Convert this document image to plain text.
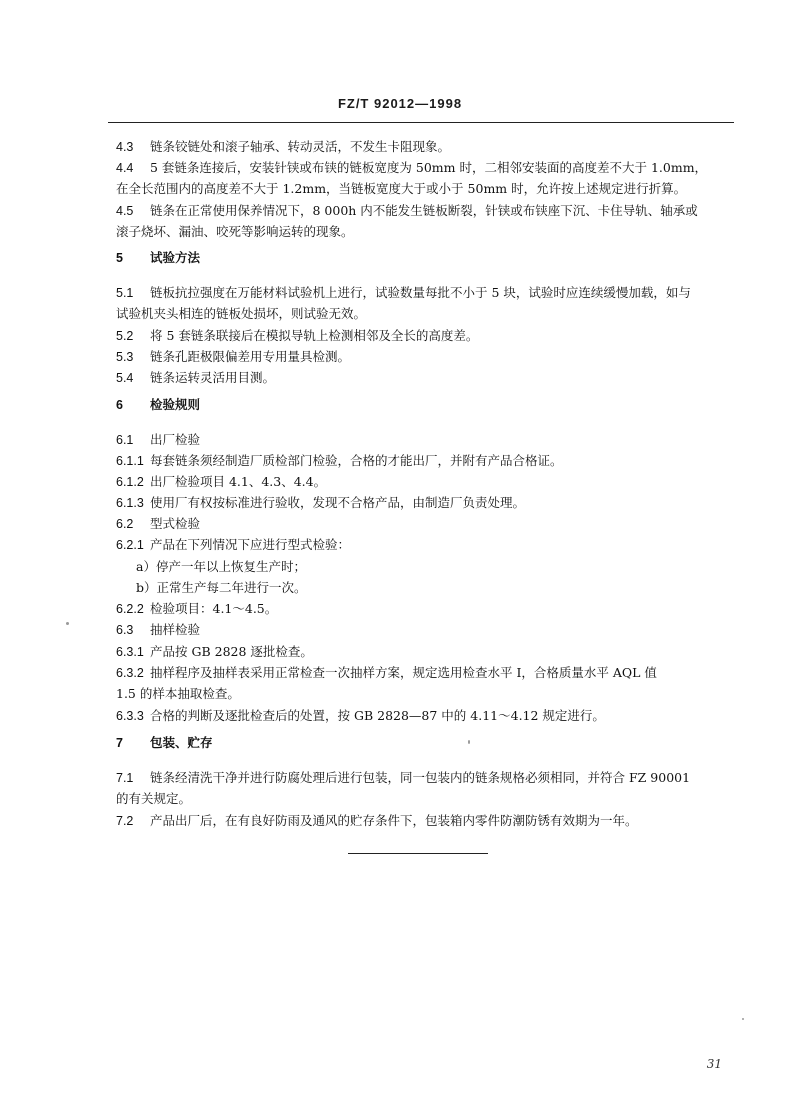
FZ/T 92012—1998
4.3 链条铰链处和滚子轴承、转动灵活，不发生卡阻现象。
4.4 5 套链条连接后，安装针铗或布铗的链板宽度为 50mm 时，二相邻安装面的高度差不大于 1.0mm，
在全长范围内的高度差不大于 1.2mm，当链板宽度大于或小于 50mm 时，允许按上述规定进行折算。
4.5 链条在正常使用保养情况下，8 000h 内不能发生链板断裂，针铗或布铗座下沉、卡住导轨、轴承或
滚子烧坏、漏油、咬死等影响运转的现象。
5 试验方法
5.1 链板抗拉强度在万能材料试验机上进行，试验数量每批不小于 5 块，试验时应连续缓慢加载，如与
试验机夹头相连的链板处损坏，则试验无效。
5.2 将 5 套链条联接后在模拟导轨上检测相邻及全长的高度差。
5.3 链条孔距极限偏差用专用量具检测。
5.4 链条运转灵活用目测。
6 检验规则
6.1 出厂检验
6.1.1 每套链条须经制造厂质检部门检验，合格的才能出厂，并附有产品合格证。
6.1.2 出厂检验项目 4.1、4.3、4.4。
6.1.3 使用厂有权按标准进行验收，发现不合格产品，由制造厂负责处理。
6.2 型式检验
6.2.1 产品在下列情况下应进行型式检验：
a）停产一年以上恢复生产时；
b）正常生产每二年进行一次。
6.2.2 检验项目：4.1～4.5。
6.3 抽样检验
6.3.1 产品按 GB 2828 逐批检查。
6.3.2 抽样程序及抽样表采用正常检查一次抽样方案，规定选用检查水平 Ⅰ，合格质量水平 AQL 值
1.5 的样本抽取检查。
6.3.3 合格的判断及逐批检查后的处置，按 GB 2828—87 中的 4.11～4.12 规定进行。
7 包装、贮存
7.1 链条经清洗干净并进行防腐处理后进行包装，同一包装内的链条规格必须相同，并符合 FZ 90001
的有关规定。
7.2 产品出厂后，在有良好防雨及通风的贮存条件下，包装箱内零件防潮防锈有效期为一年。
31
